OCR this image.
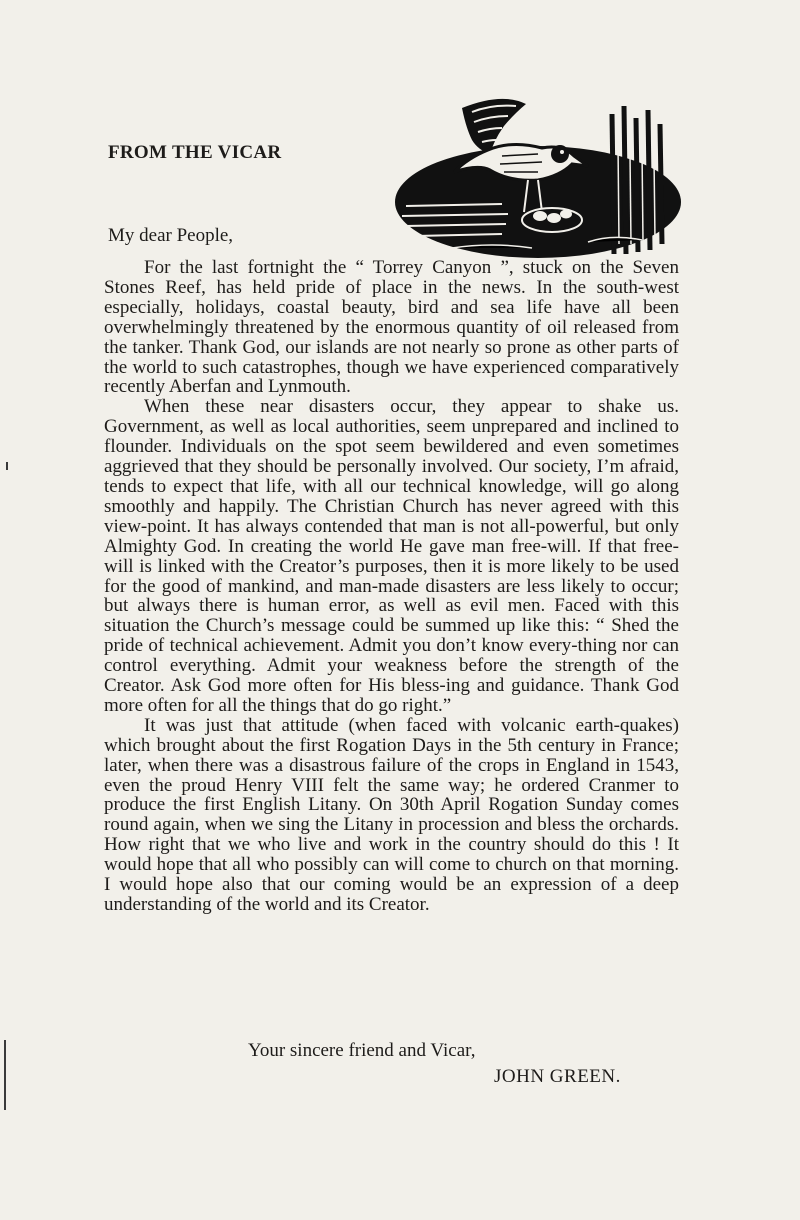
FROM THE VICAR

My dear People,

For the last fortnight the “ Torrey Canyon ”, stuck on the Seven Stones Reef, has held pride of place in the news. In the south-west especially, holidays, coastal beauty, bird and sea life have all been overwhelmingly threatened by the enormous quantity of oil released from the tanker. Thank God, our islands are not nearly so prone as other parts of the world to such catastrophes, though we have experienced comparatively recently Aberfan and Lynmouth.

When these near disasters occur, they appear to shake us. Government, as well as local authorities, seem unprepared and inclined to flounder. Individuals on the spot seem bewildered and even sometimes aggrieved that they should be personally involved. Our society, I’m afraid, tends to expect that life, with all our technical knowledge, will go along smoothly and happily. The Christian Church has never agreed with this view-point. It has always contended that man is not all-powerful, but only Almighty God. In creating the world He gave man free-will. If that free-will is linked with the Creator’s purposes, then it is more likely to be used for the good of mankind, and man-made disasters are less likely to occur; but always there is human error, as well as evil men. Faced with this situation the Church’s message could be summed up like this: “ Shed the pride of technical achievement. Admit you don’t know every-thing nor can control everything. Admit your weakness before the strength of the Creator. Ask God more often for His bless-ing and guidance. Thank God more often for all the things that do go right.”

It was just that attitude (when faced with volcanic earth-quakes) which brought about the first Rogation Days in the 5th century in France; later, when there was a disastrous failure of the crops in England in 1543, even the proud Henry VIII felt the same way; he ordered Cranmer to produce the first English Litany. On 30th April Rogation Sunday comes round again, when we sing the Litany in procession and bless the orchards. How right that we who live and work in the country should do this ! It would hope that all who possibly can will come to church on that morning. I would hope also that our coming would be an expression of a deep understanding of the world and its Creator.

Your sincere friend and Vicar,

JOHN GREEN.
